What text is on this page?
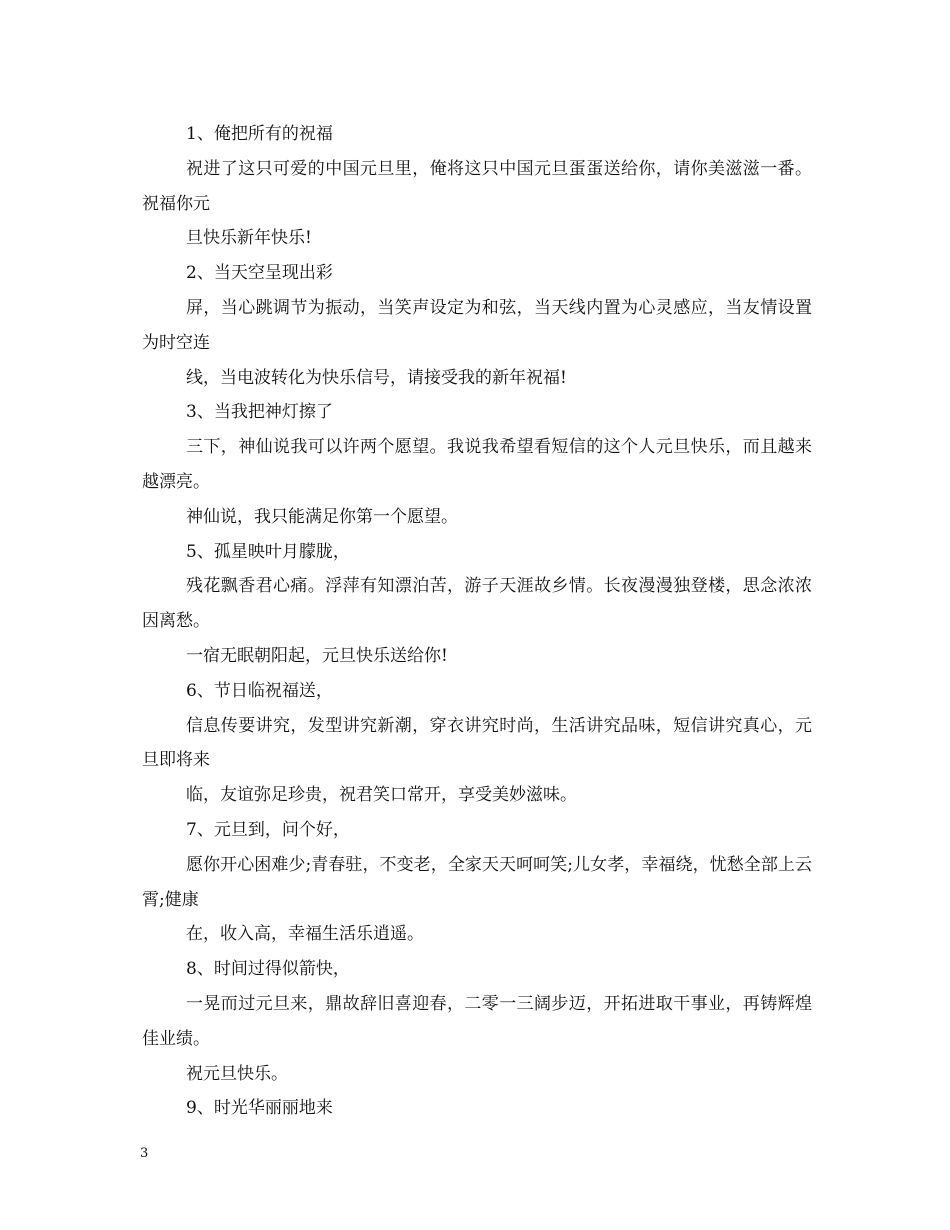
1、俺把所有的祝福

祝进了这只可爱的中国元旦里，俺将这只中国元旦蛋蛋送给你，请你美滋滋一番。祝福你元

旦快乐新年快乐!

2、当天空呈现出彩

屏，当心跳调节为振动，当笑声设定为和弦，当天线内置为心灵感应，当友情设置为时空连

线，当电波转化为快乐信号，请接受我的新年祝福!

3、当我把神灯擦了

三下，神仙说我可以许两个愿望。我说我希望看短信的这个人元旦快乐，而且越来越漂亮。

神仙说，我只能满足你第一个愿望。

5、孤星映叶月朦胧，

残花飘香君心痛。浮萍有知漂泊苦，游子天涯故乡情。长夜漫漫独登楼，思念浓浓因离愁。

一宿无眠朝阳起，元旦快乐送给你!

6、节日临祝福送，

信息传要讲究，发型讲究新潮，穿衣讲究时尚，生活讲究品味，短信讲究真心，元旦即将来

临，友谊弥足珍贵，祝君笑口常开，享受美妙滋味。

7、元旦到，问个好，

愿你开心困难少;青春驻，不变老，全家天天呵呵笑;儿女孝，幸福绕，忧愁全部上云霄;健康

在，收入高，幸福生活乐逍遥。

8、时间过得似箭快，

一晃而过元旦来，鼎故辞旧喜迎春，二零一三阔步迈，开拓进取干事业，再铸辉煌佳业绩。

祝元旦快乐。

9、时光华丽丽地来

3
